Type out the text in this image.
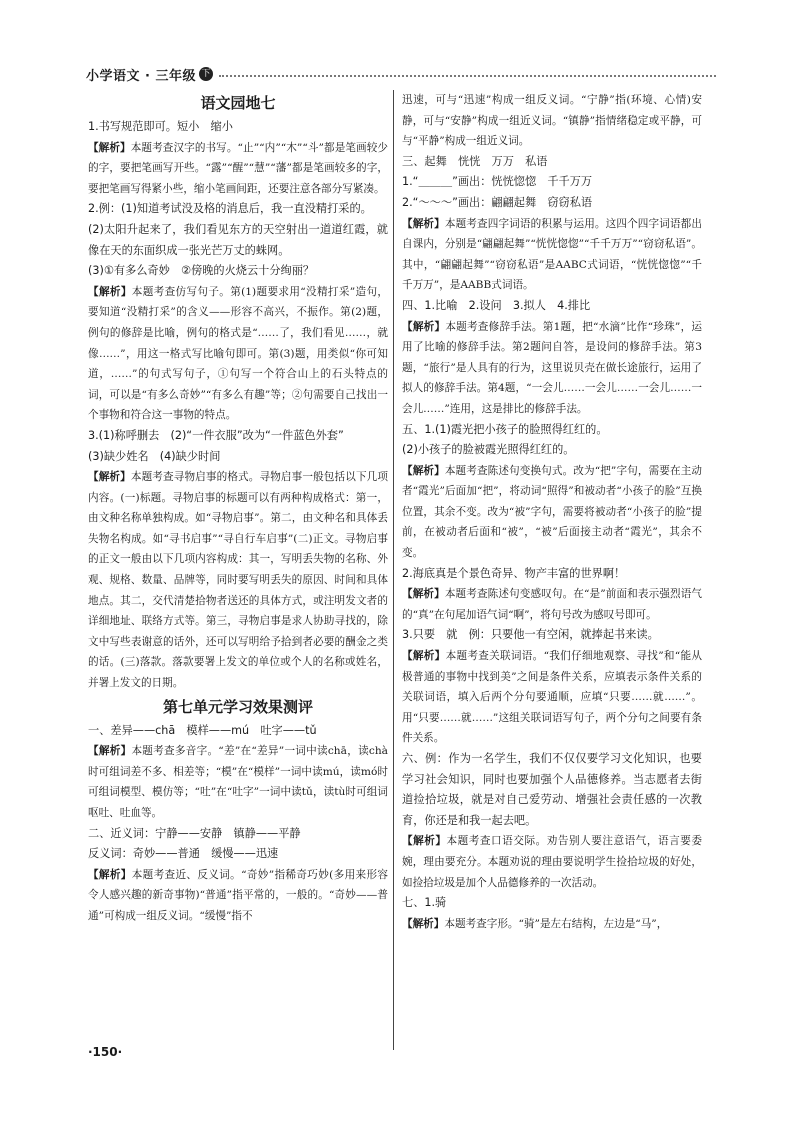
小学语文 · 三年级 下
语文园地七

1.书写规范即可。短小　缩小

【解析】本题考查汉字的书写。“止”“内”“木”“斗”都是笔画较少的字，要把笔画写开些。“露”“醒”“慧”“藩”都是笔画较多的字，要把笔画写得紧小些，缩小笔画间距，还要注意各部分写紧凑。

2.例：(1)知道考试没及格的消息后，我一直没精打采的。

(2)太阳升起来了，我们看见东方的天空射出一道道红霞，就像在天的东面织成一张光芒万丈的蛛网。

(3)①有多么奇妙　②傍晚的火烧云十分绚丽？

【解析】本题考查仿写句子。第(1)题要求用“没精打采”造句，要知道“没精打采”的含义——形容不高兴，不振作。第(2)题，例句的修辞是比喻，例句的格式是“……了，我们看见……，就像……”，用这一格式写比喻句即可。第(3)题，用类似“你可知道，……”的句式写句子，①句写一个符合山上的石头特点的词，可以是“有多么奇妙”“有多么有趣”等；②句需要自己找出一个事物和符合这一事物的特点。

3.(1)称呼删去　(2)“一件衣服”改为“一件蓝色外套”

(3)缺少姓名　(4)缺少时间

【解析】本题考查寻物启事的格式。寻物启事一般包括以下几项内容。(一)标题。寻物启事的标题可以有两种构成格式：第一，由文种名称单独构成。如“寻物启事”。第二，由文种名和具体丢失物名构成。如“寻书启事”“寻自行车启事”(二)正文。寻物启事的正文一般由以下几项内容构成：其一，写明丢失物的名称、外观、规格、数量、品牌等，同时要写明丢失的原因、时间和具体地点。其二，交代清楚拾物者送还的具体方式，或注明发文者的详细地址、联络方式等。第三，寻物启事是求人协助寻找的，除文中写些表谢意的话外，还可以写明给予拾到者必要的酬金之类的话。(三)落款。落款要署上发文的单位或个人的名称或姓名，并署上发文的日期。

第七单元学习效果测评

一、差异——chā　模样——mú　吐字——tǔ

【解析】本题考查多音字。“差”在“差异”一词中读chā，读chà时可组词差不多、相差等；“模”在“模样”一词中读mú，读mó时可组词模型、模仿等；“吐”在“吐字”一词中读tǔ，读tù时可组词呕吐、吐血等。

二、近义词：宁静——安静　镇静——平静

反义词：奇妙——普通　缓慢——迅速

【解析】本题考查近、反义词。“奇妙”指稀奇巧妙(多用来形容令人感兴趣的新奇事物)“普通”指平常的，一般的。“奇妙——普通”可构成一组反义词。“缓慢”指不

迅速，可与“迅速”构成一组反义词。“宁静”指(环境、心情)安静，可与“安静”构成一组近义词。“镇静”指情绪稳定或平静，可与“平静”构成一组近义词。

三、起舞　恍恍　万万　私语

1.“＿＿＿”画出：恍恍惚惚　千千万万

2.“～～～”画出：翩翩起舞　窃窃私语

【解析】本题考查四字词语的积累与运用。这四个四字词语都出自课内，分别是“翩翩起舞”“恍恍惚惚”“千千万万”“窃窃私语”。其中，“翩翩起舞”“窃窃私语”是AABC式词语，“恍恍惚惚”“千千万万”，是AABB式词语。

四、1.比喻　2.设问　3.拟人　4.排比

【解析】本题考查修辞手法。第1题，把“水滴”比作“珍珠”，运用了比喻的修辞手法。第2题问自答，是设问的修辞手法。第3题，“旅行”是人具有的行为，这里说贝壳在做长途旅行，运用了拟人的修辞手法。第4题，“一会儿……一会儿……一会儿……一会儿……”连用，这是排比的修辞手法。

五、1.(1)霞光把小孩子的脸照得红红的。

(2)小孩子的脸被霞光照得红红的。

【解析】本题考查陈述句变换句式。改为“把”字句，需要在主动者“霞光”后面加“把”，将动词“照得”和被动者“小孩子的脸”互换位置，其余不变。改为“被”字句，需要将被动者“小孩子的脸”提前，在被动者后面和“被”，“被”后面接主动者“霞光”，其余不变。

2.海底真是个景色奇异、物产丰富的世界啊！

【解析】本题考查陈述句变感叹句。在“是”前面和表示强烈语气的“真”在句尾加语气词“啊”，将句号改为感叹号即可。

3.只要　就　例：只要他一有空闲，就捧起书来读。

【解析】本题考查关联词语。“我们仔细地观察、寻找”和“能从极普通的事物中找到美”之间是条件关系，应填表示条件关系的关联词语，填入后两个分句要通顺，应填“只要……就……”。用“只要……就……”这组关联词语写句子，两个分句之间要有条件关系。

六、例：作为一名学生，我们不仅仅要学习文化知识，也要学习社会知识，同时也要加强个人品德修养。当志愿者去街道捡拾垃圾，就是对自己爱劳动、增强社会责任感的一次教育，你还是和我一起去吧。

【解析】本题考查口语交际。劝告别人要注意语气，语言要委婉，理由要充分。本题劝说的理由要说明学生捡拾垃圾的好处，如捡拾垃圾是加个人品德修养的一次活动。

七、1.骑

【解析】本题考查字形。“骑”是左右结构，左边是“马”，

·150·
